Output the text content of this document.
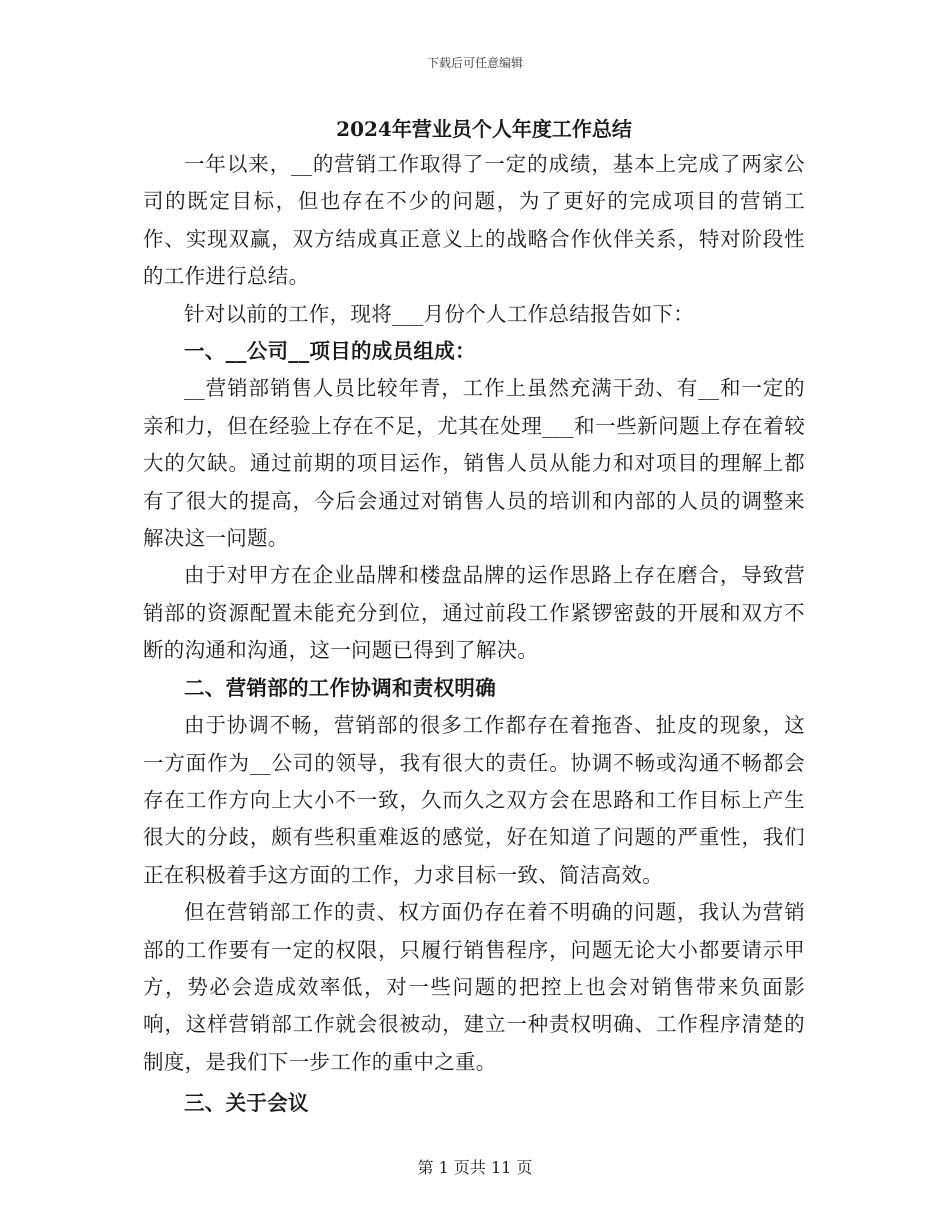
下载后可任意编辑
2024年营业员个人年度工作总结

一年以来，__的营销工作取得了一定的成绩，基本上完成了两家公司的既定目标，但也存在不少的问题，为了更好的完成项目的营销工作、实现双赢，双方结成真正意义上的战略合作伙伴关系，特对阶段性的工作进行总结。

针对以前的工作，现将___月份个人工作总结报告如下：

一、__公司__项目的成员组成：

__营销部销售人员比较年青，工作上虽然充满干劲、有__和一定的亲和力，但在经验上存在不足，尤其在处理___和一些新问题上存在着较大的欠缺。通过前期的项目运作，销售人员从能力和对项目的理解上都有了很大的提高，今后会通过对销售人员的培训和内部的人员的调整来解决这一问题。

由于对甲方在企业品牌和楼盘品牌的运作思路上存在磨合，导致营销部的资源配置未能充分到位，通过前段工作紧锣密鼓的开展和双方不断的沟通和沟通，这一问题已得到了解决。

二、营销部的工作协调和责权明确

由于协调不畅，营销部的很多工作都存在着拖沓、扯皮的现象，这一方面作为__公司的领导，我有很大的责任。协调不畅或沟通不畅都会存在工作方向上大小不一致，久而久之双方会在思路和工作目标上产生很大的分歧，颇有些积重难返的感觉，好在知道了问题的严重性，我们正在积极着手这方面的工作，力求目标一致、简洁高效。

但在营销部工作的责、权方面仍存在着不明确的问题，我认为营销部的工作要有一定的权限，只履行销售程序，问题无论大小都要请示甲方，势必会造成效率低，对一些问题的把控上也会对销售带来负面影响，这样营销部工作就会很被动，建立一种责权明确、工作程序清楚的制度，是我们下一步工作的重中之重。

三、关于会议

第 1 页共 11 页
